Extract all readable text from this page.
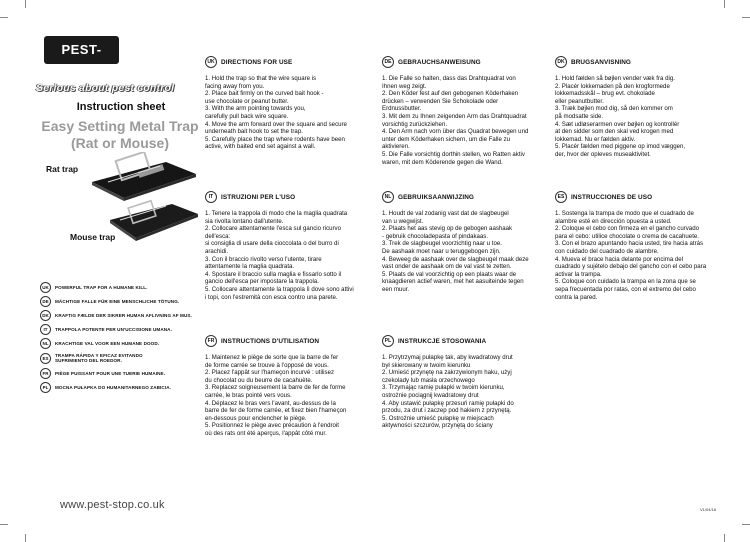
PEST-STOP
Serious about pest control
Instruction sheet
Easy Setting Metal Trap
(Rat or Mouse)
Rat trap
Mouse trap
UK	POWERFUL TRAP FOR A HUMANE KILL.
DE	MÄCHTIGE FALLE FÜR EINE MENSCHLICHE TÖTUNG.
DK	KRAFTIG FÆLDE DER SIKRER HUMAN AFLIVNING AF MUS.
IT	TRAPPOLA POTENTE PER UN'UCCISIONE UMANA.
NL	KRACHTIGE VAL VOOR EEN HUMANE DOOD.
ES	TRAMPA RÁPIDA Y EFICAZ EVITANDO SUFRIMIENTO DEL ROEDOR.
FR	PIÈGE PUISSANT POUR UNE TUERIE HUMAINE.
PL	MOCNA PUŁAPKA DO HUMANITARNEGO ZABICIA.
www.pest-stop.co.uk	V1/04/18
UK DIRECTIONS FOR USE

1. Hold the trap so that the wire square is

facing away from you.

2. Place bait firmly on the curved bait hook -

use chocolate or peanut butter.

3. With the arm pointing towards you,

carefully pull back wire square.

4. Move the arm forward over the square and secure

underneath bait hook to set the trap.

5. Carefully place the trap where rodents have been

active, with baited end set against a wall.

DE	GEBRAUCHSANWEISUNG

1. Die Falle so halten, dass das Drahtquadrat von

Ihnen weg zeigt.

2. Den Köder fest auf den gebogenen Köderhaken

drücken – verwenden Sie Schokolade oder Erdnussbutter.

3. Mit dem zu Ihnen zeigenden Arm das Drahtquadrat

vorsichtig zurückziehen.

4. Den Arm nach vorn über das Quadrat bewegen und

unter dem Köderhaken sichern, um die Falle zu aktivieren.

5. Die Falle vorsichtig dorthin stellen, wo Ratten aktiv

waren, mit dem Köderende gegen die Wand.

DK BRUGSANVISNING

1. Hold fælden så bøjlen vender væk fra dig.

2. Placér lokkemaden på den krogformede

lokkemadsskål – brug evt. chokolade

eller peanutbutter.

3. Træk bøjlen mod dig, så den kommer om

på modsatte side.

4. Sæt udløserarmen over bøjlen og kontrollér

at den sidder som den skal ved krogen med

lokkemad. Nu er fælden aktiv.

5. Placér fælden med piggene op imod væggen,

der, hvor der opleves museaktivitet.

IT	ISTRUZIONI PER L'USO

1. Tenere la trappola di modo che la maglia quadrata

sia rivolta lontano dall'utente.

2. Collocare attentamente l'esca sul gancio ricurvo dell'esca:

si consiglia di usare della cioccolata o del burro di arachidi.

3. Con il braccio rivolto verso l'utente, tirare

attentamente la maglia quadrata.

4. Spostare il braccio sulla maglia e fissarlo sotto il

gancio dell'esca per impostare la trappola.

5. Collocare attentamente la trappola lì dove sono attivi

i topi, con l'estremità con esca contro una parete.

NL	GEBRUIKSAANWIJZING

1. Houdt de val zodanig vast dat de slagbeugel

van u wegwijst.

2. Plaats het aas stevig op de gebogen aashaak

- gebruik chocoladepasta of pindakaas.

3. Trek de slagbeugel voorzichtig naar u toe.

De aashaak moet naar u teruggebogen zijn.

4. Beweeg de aashaak over de slagbeugel maak deze

vast onder de aashaak om de val vast te zetten.

5. Plaats de val voorzichtig op een plaats waar de

knaagdieren actief waren, met het aasuiteinde tegen

een muur.

ES	INSTRUCCIONES DE USO

1. Sostenga la trampa de modo que el cuadrado de

alambre esté en dirección opuesta a usted.

2. Coloque el cebo con firmeza en el gancho curvado

para el cebo: utilice chocolate o crema de cacahuete.

3. Con el brazo apuntando hacia usted, tire hacia atrás

con cuidado del cuadrado de alambre.

4. Mueva el brace hacia delante por encima del

cuadrado y sujételo debajo del gancho con el cebo para

activar la trampa.

5. Coloque con cuidado la trampa en la zona que se

sepa frecuentada por ratas, con el extremo del cebo

contra la pared.

FR	INSTRUCTIONS D'UTILISATION

1. Maintenez le piège de sorte que la barre de fer

de forme carrée se trouve à l'opposé de vous.

2. Placez l'appât sur l'hameçon incurvé : utilisez

du chocolat ou du beurre de cacahuète.

3. Replacez soigneusement la barre de fer de forme

carrée, le bras pointé vers vous.

4. Déplacez le bras vers l'avant, au-dessus de la

barre de fer de forme carrée, et fixez bien l'hameçon

en-dessous pour enclencher le piège.

5. Positionnez le piège avec précaution à l'endroit

où des rats ont été aperçus, l'appât côté mur.

PL	INSTRUKCJE STOSOWANIA

1. Przytrzymaj pułapkę tak, aby kwadratowy drut

był skierowany w twoim kierunku

2. Umieść przynętę na zakrzywionym haku, użyj

czekolady lub masła orzechowego

3. Trzymając ramię pułapki w twoim kierunku,

ostrożnie pociągnij kwadratowy drut

4. Aby ustawić pułapkę przesuń ramię pułapki do

przodu, za drut i zaczep pod hakiem z przynętą.

5. Ostrożnie umieść pułapkę w miejscach

aktywności szczurów, przynętą do ściany
